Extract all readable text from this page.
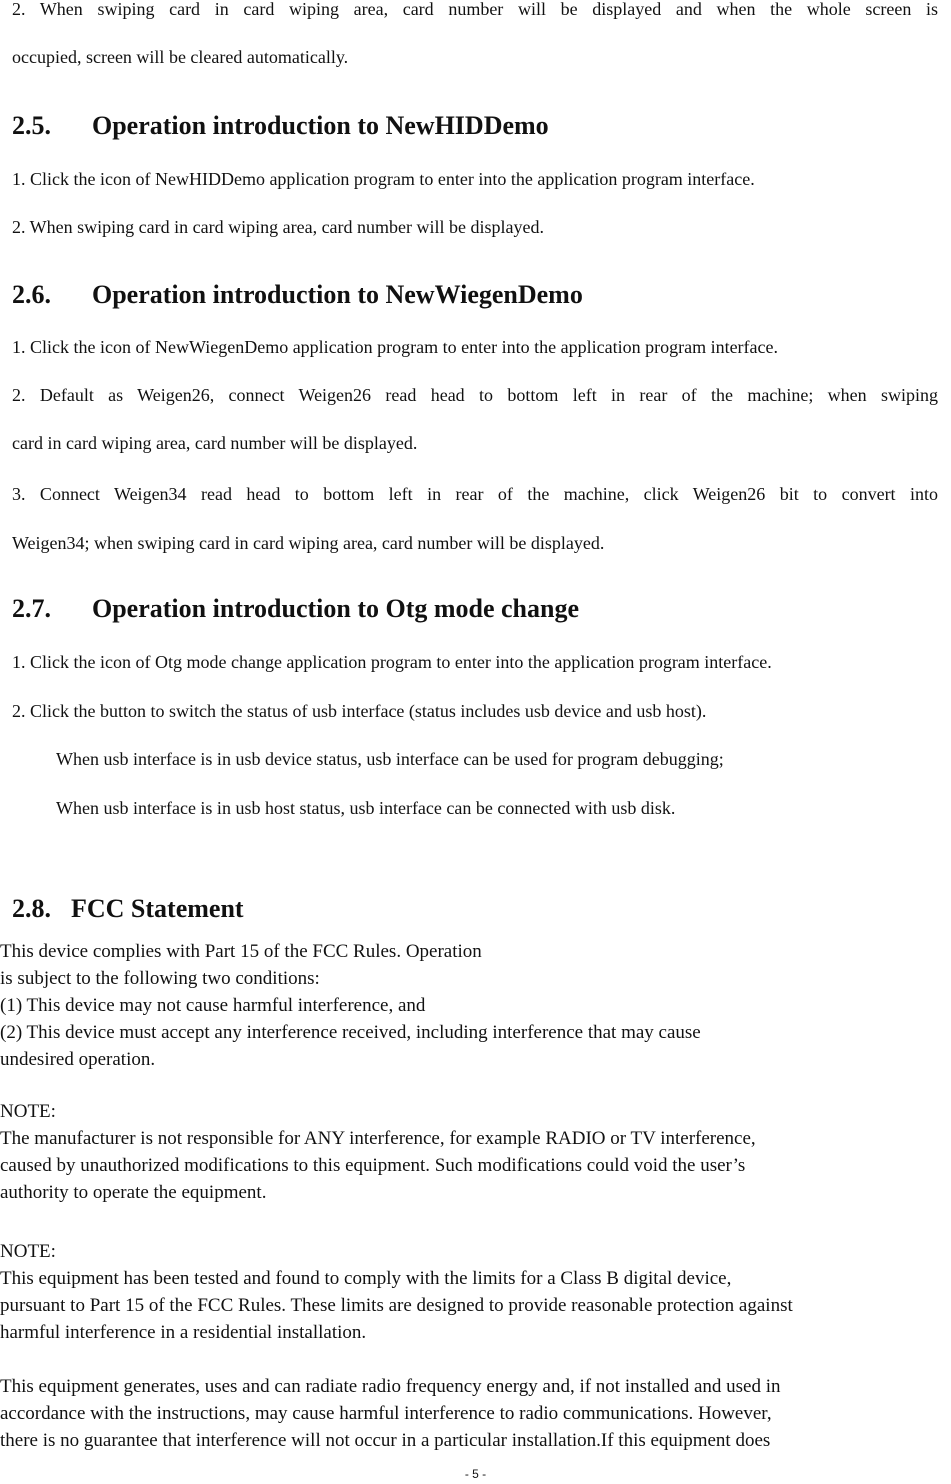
2. When swiping card in card wiping area, card number will be displayed and when the whole screen is
occupied, screen will be cleared automatically.
2.5. Operation introduction to NewHIDDemo
1. Click the icon of NewHIDDemo application program to enter into the application program interface.
2. When swiping card in card wiping area, card number will be displayed.
2.6. Operation introduction to NewWiegenDemo
1. Click the icon of NewWiegenDemo application program to enter into the application program interface.
2. Default as Weigen26, connect Weigen26 read head to bottom left in rear of the machine; when swiping
card in card wiping area, card number will be displayed.
3. Connect Weigen34 read head to bottom left in rear of the machine, click Weigen26 bit to convert into
Weigen34; when swiping card in card wiping area, card number will be displayed.
2.7. Operation introduction to Otg mode change
1. Click the icon of Otg mode change application program to enter into the application program interface.
2. Click the button to switch the status of usb interface (status includes usb device and usb host).
When usb interface is in usb device status, usb interface can be used for program debugging;
When usb interface is in usb host status, usb interface can be connected with usb disk.
2.8. FCC Statement
This device complies with Part 15 of the FCC Rules. Operation
is subject to the following two conditions:
(1) This device may not cause harmful interference, and
(2) This device must accept any interference received, including interference that may cause
undesired operation.
NOTE:
The manufacturer is not responsible for ANY interference, for example RADIO or TV interference,
caused by unauthorized modifications to this equipment. Such modifications could void the user’s
authority to operate the equipment.
NOTE:
This equipment has been tested and found to comply with the limits for a Class B digital device,
pursuant to Part 15 of the FCC Rules. These limits are designed to provide reasonable protection against
harmful interference in a residential installation.
This equipment generates, uses and can radiate radio frequency energy and, if not installed and used in
accordance with the instructions, may cause harmful interference to radio communications. However,
there is no guarantee that interference will not occur in a particular installation.If this equipment does
- 5 -
